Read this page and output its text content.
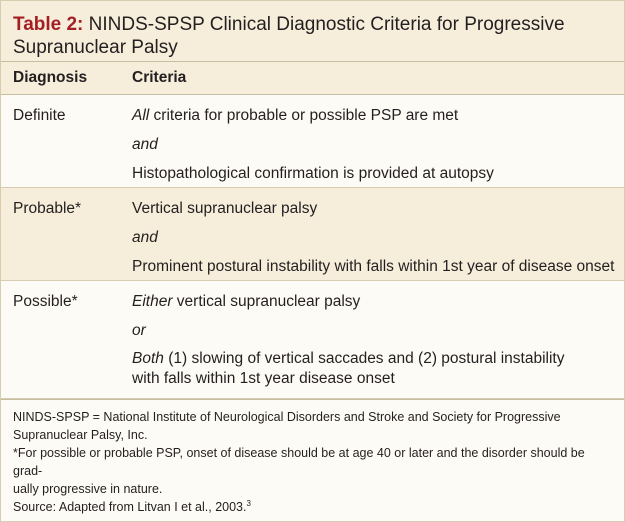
Table 2: NINDS-SPSP Clinical Diagnostic Criteria for Progressive Supranuclear Palsy
Diagnosis	Criteria
Definite	All criteria for probable or possible PSP are met
and
Histopathological confirmation is provided at autopsy
Probable*	Vertical supranuclear palsy
and
Prominent postural instability with falls within 1st year of disease onset
Possible*	Either vertical supranuclear palsy
or
Both (1) slowing of vertical saccades and (2) postural instability
with falls within 1st year disease onset

NINDS-SPSP = National Institute of Neurological Disorders and Stroke and Society for Progressive
Supranuclear Palsy, Inc.

*For possible or probable PSP, onset of disease should be at age 40 or later and the disorder should be grad-
ually progressive in nature.

Source: Adapted from Litvan I et al., 2003.$^3$
